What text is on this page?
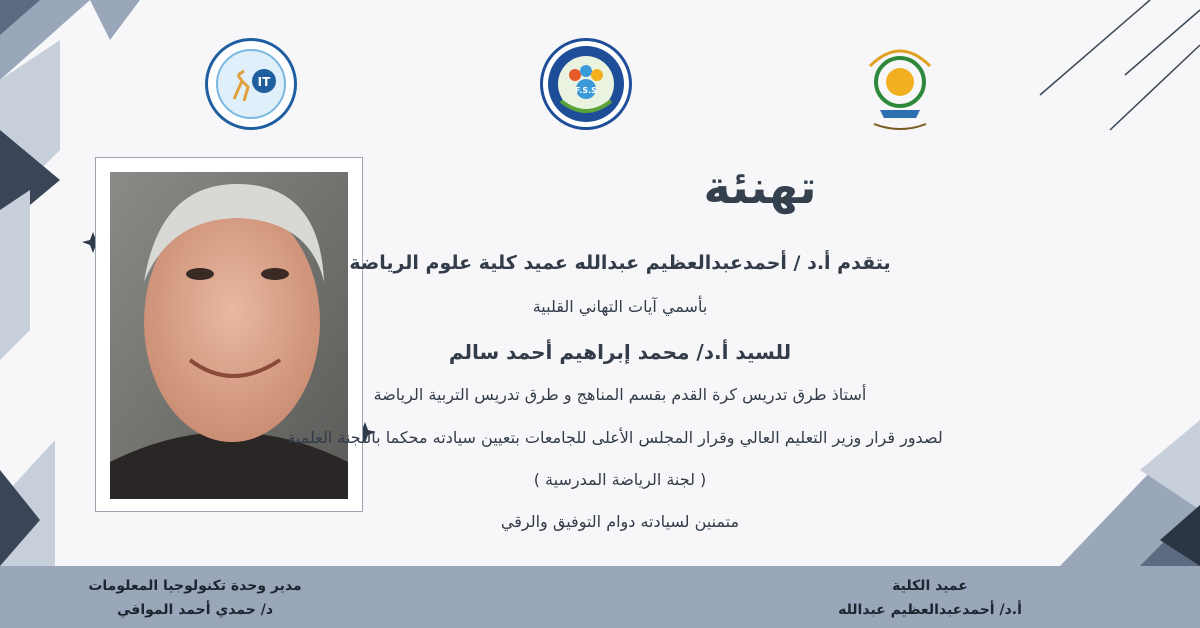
IT
F.S.S
تهنئة
يتقدم أ.د / أحمدعبدالعظيم عبدالله عميد كلية علوم الرياضة
بأسمي آيات التهاني القلبية
للسيد أ.د/ محمد إبراهيم أحمد سالم
أستاذ طرق تدريس كرة القدم بقسم المناهج و طرق تدريس التربية الرياضة
لصدور قرار وزير التعليم العالي وقرار المجلس الأعلى للجامعات بتعيين سيادته محكما باللجنة العلمية
( لجنة الرياضة المدرسية )
متمنين لسيادته دوام التوفيق والرقي
مدير وحدة تكنولوجيا المعلومات
د/ حمدي أحمد الموافي
عميد الكلية
أ.د/ أحمدعبدالعظيم عبدالله
